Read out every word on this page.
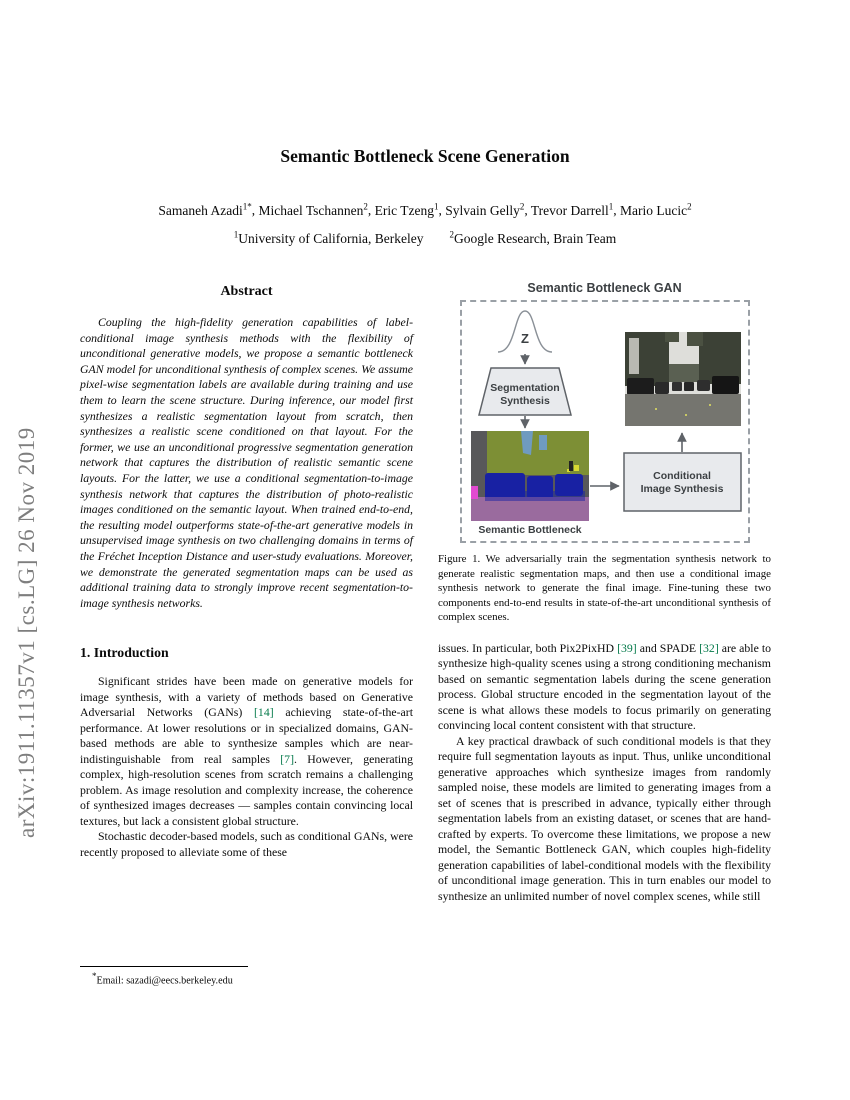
arXiv:1911.11357v1 [cs.LG] 26 Nov 2019
Semantic Bottleneck Scene Generation
Samaneh Azadi$^{1*}$, Michael Tschannen$^2$, Eric Tzeng$^1$, Sylvain Gelly$^2$, Trevor Darrell$^1$, Mario Lucic$^2$
$^1$University of California, Berkeley	$^2$Google Research, Brain Team
Abstract

Coupling the high-fidelity generation capabilities of label-conditional image synthesis methods with the flexibility of unconditional generative models, we propose a semantic bottleneck GAN model for unconditional synthesis of complex scenes. We assume pixel-wise segmentation labels are available during training and use them to learn the scene structure. During inference, our model first synthesizes a realistic segmentation layout from scratch, then synthesizes a realistic scene conditioned on that layout. For the former, we use an unconditional progressive segmentation generation network that captures the distribution of realistic semantic scene layouts. For the latter, we use a conditional segmentation-to-image synthesis network that captures the distribution of photo-realistic images conditioned on the semantic layout. When trained end-to-end, the resulting model outperforms state-of-the-art generative models in unsupervised image synthesis on two challenging domains in terms of the Fréchet Inception Distance and user-study evaluations. Moreover, we demonstrate the generated segmentation maps can be used as additional training data to strongly improve recent segmentation-to-image synthesis networks.

1. Introduction

Significant strides have been made on generative models for image synthesis, with a variety of methods based on Generative Adversarial Networks (GANs) [14] achieving state-of-the-art performance. At lower resolutions or in specialized domains, GAN-based methods are able to synthesize samples which are near-indistinguishable from real samples [7]. However, generating complex, high-resolution scenes from scratch remains a challenging problem. As image resolution and complexity increase, the coherence of synthesized images decreases — samples contain convincing local textures, but lack a consistent global structure.

Stochastic decoder-based models, such as conditional GANs, were recently proposed to alleviate some of these

*Email: sazadi@eecs.berkeley.edu
Semantic Bottleneck GAN
Z
Segmentation
Synthesis
Semantic Bottleneck
Conditional
Image Synthesis

Figure 1. We adversarially train the segmentation synthesis network to generate realistic segmentation maps, and then use a conditional image synthesis network to generate the final image. Fine-tuning these two components end-to-end results in state-of-the-art unconditional synthesis of complex scenes.

issues. In particular, both Pix2PixHD [39] and SPADE [32] are able to synthesize high-quality scenes using a strong conditioning mechanism based on semantic segmentation labels during the scene generation process. Global structure encoded in the segmentation layout of the scene is what allows these models to focus primarily on generating convincing local content consistent with that structure.

A key practical drawback of such conditional models is that they require full segmentation layouts as input. Thus, unlike unconditional generative approaches which synthesize images from randomly sampled noise, these models are limited to generating images from a set of scenes that is prescribed in advance, typically either through segmentation labels from an existing dataset, or scenes that are hand-crafted by experts. To overcome these limitations, we propose a new model, the Semantic Bottleneck GAN, which couples high-fidelity generation capabilities of label-conditional models with the flexibility of unconditional image generation. This in turn enables our model to synthesize an unlimited number of novel complex scenes, while still
